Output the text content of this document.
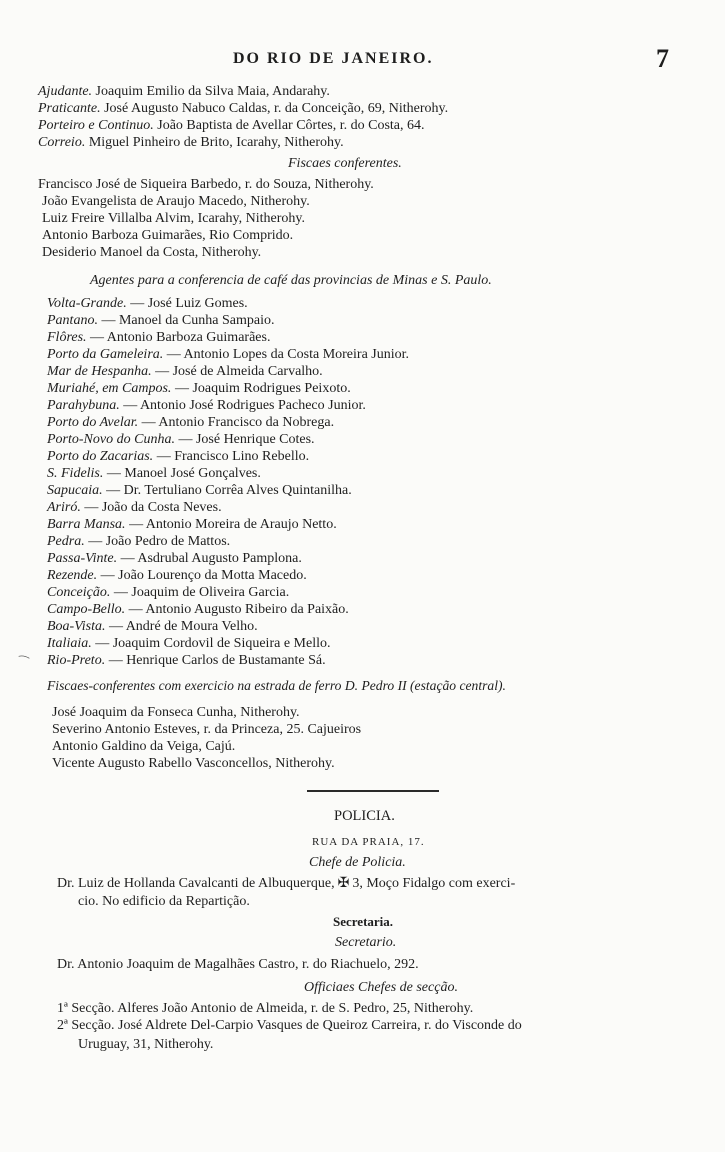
DO RIO DE JANEIRO.	7
Ajudante. Joaquim Emilio da Silva Maia, Andarahy.
Praticante. José Augusto Nabuco Caldas, r. da Conceição, 69, Nitherohy.
Porteiro e Continuo. João Baptista de Avellar Côrtes, r. do Costa, 64.
Correio. Miguel Pinheiro de Brito, Icarahy, Nitherohy.
Fiscaes conferentes.
Francisco José de Siqueira Barbedo, r. do Souza, Nitherohy.
João Evangelista de Araujo Macedo, Nitherohy.
Luiz Freire Villalba Alvim, Icarahy, Nitherohy.
Antonio Barboza Guimarães, Rio Comprido.
Desiderio Manoel da Costa, Nitherohy.
Agentes para a conferencia de café das provincias de Minas e S. Paulo.
Volta-Grande. — José Luiz Gomes.
Pantano. — Manoel da Cunha Sampaio.
Flôres. — Antonio Barboza Guimarães.
Porto da Gameleira. — Antonio Lopes da Costa Moreira Junior.
Mar de Hespanha. — José de Almeida Carvalho.
Muriahé, em Campos. — Joaquim Rodrigues Peixoto.
Parahybuna. — Antonio José Rodrigues Pacheco Junior.
Porto do Avelar. — Antonio Francisco da Nobrega.
Porto-Novo do Cunha. — José Henrique Cotes.
Porto do Zacarias. — Francisco Lino Rebello.
S. Fidelis. — Manoel José Gonçalves.
Sapucaia. — Dr. Tertuliano Corrêa Alves Quintanilha.
Ariró. — João da Costa Neves.
Barra Mansa. — Antonio Moreira de Araujo Netto.
Pedra. — João Pedro de Mattos.
Passa-Vinte. — Asdrubal Augusto Pamplona.
Rezende. — João Lourenço da Motta Macedo.
Conceição. — Joaquim de Oliveira Garcia.
Campo-Bello. — Antonio Augusto Ribeiro da Paixão.
Boa-Vista. — André de Moura Velho.
Italiaia. — Joaquim Cordovil de Siqueira e Mello.
Rio-Preto. — Henrique Carlos de Bustamante Sá.
Fiscaes-conferentes com exercicio na estrada de ferro D. Pedro II (estação central).
José Joaquim da Fonseca Cunha, Nitherohy.
Severino Antonio Esteves, r. da Princeza, 25. Cajueiros
Antonio Galdino da Veiga, Cajú.
Vicente Augusto Rabello Vasconcellos, Nitherohy.
POLICIA.
RUA DA PRAIA, 17.
Chefe de Policia.
Dr. Luiz de Hollanda Cavalcanti de Albuquerque, ✠ 3, Moço Fidalgo com exerci-
cio. No edificio da Repartição.
Secretaria.
Secretario.
Dr. Antonio Joaquim de Magalhães Castro, r. do Riachuelo, 292.
Officiaes Chefes de secção.
1ª Secção. Alferes João Antonio de Almeida, r. de S. Pedro, 25, Nitherohy.
2ª Secção. José Aldrete Del-Carpio Vasques de Queiroz Carreira, r. do Visconde do
Uruguay, 31, Nitherohy.
